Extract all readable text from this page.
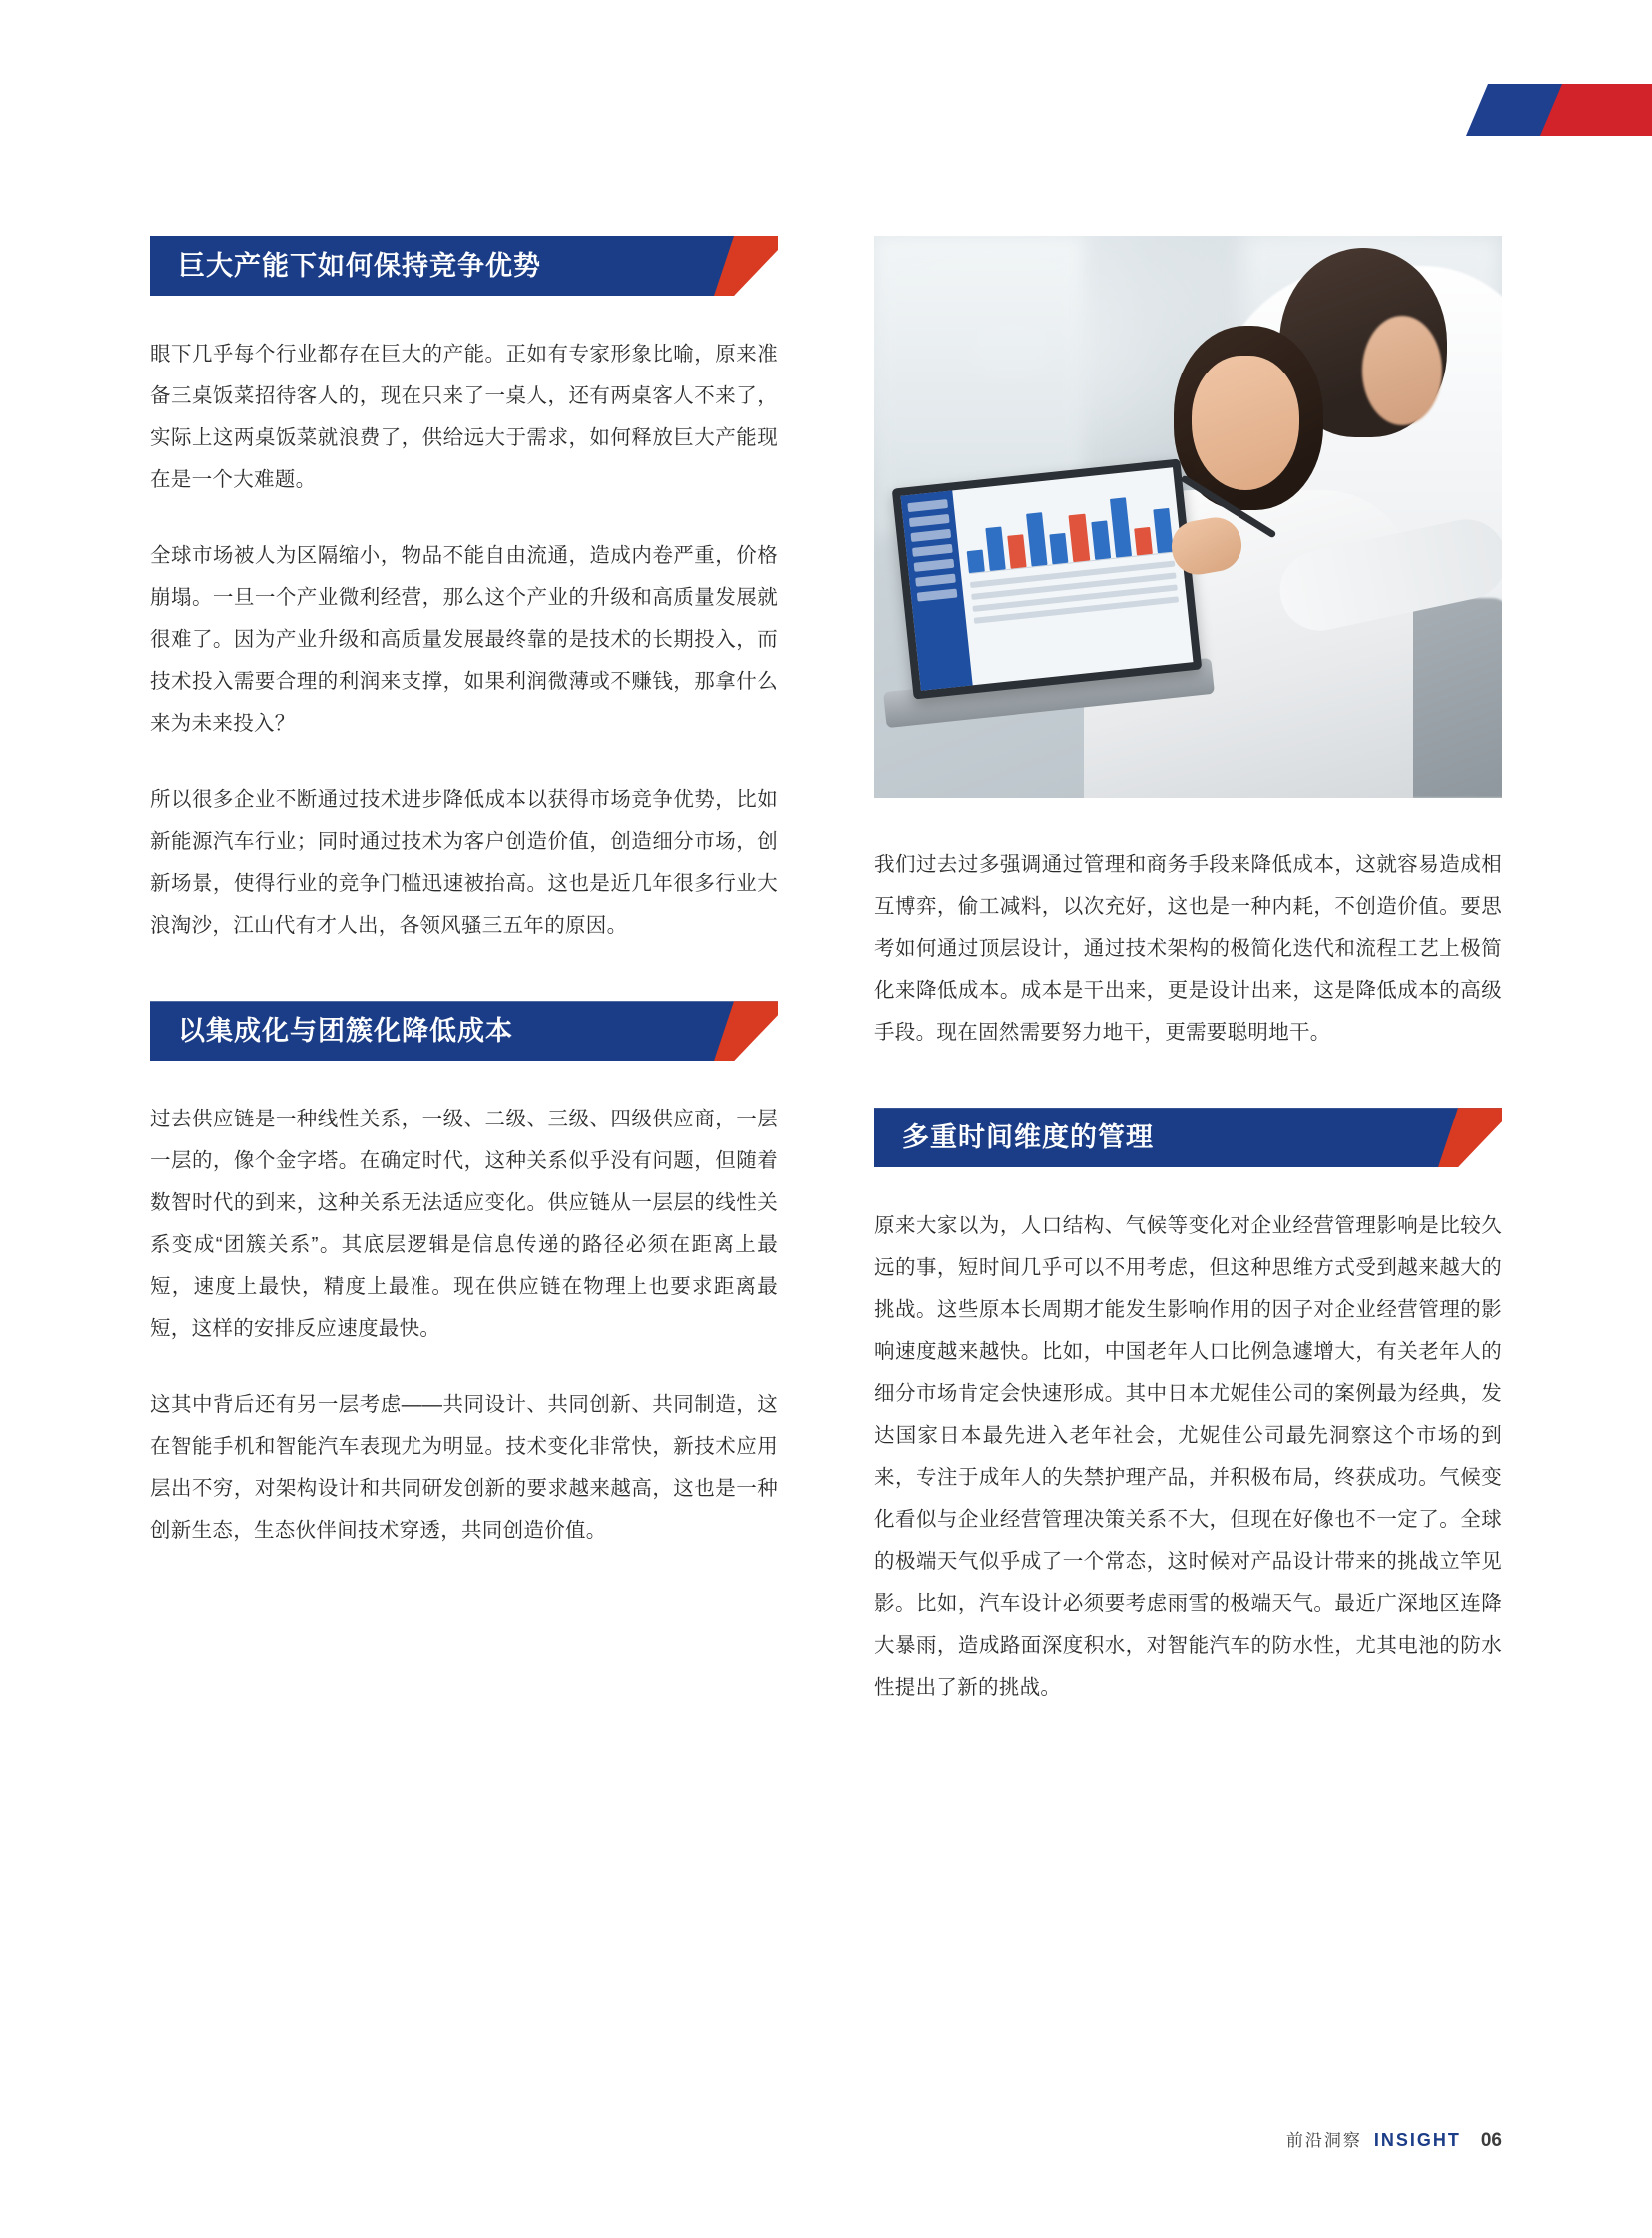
巨大产能下如何保持竞争优势

眼下几乎每个行业都存在巨大的产能。正如有专家形象比喻，原来准备三桌饭菜招待客人的，现在只来了一桌人，还有两桌客人不来了，实际上这两桌饭菜就浪费了，供给远大于需求，如何释放巨大产能现在是一个大难题。

全球市场被人为区隔缩小，物品不能自由流通，造成内卷严重，价格崩塌。一旦一个产业微利经营，那么这个产业的升级和高质量发展就很难了。因为产业升级和高质量发展最终靠的是技术的长期投入，而技术投入需要合理的利润来支撑，如果利润微薄或不赚钱，那拿什么来为未来投入？

所以很多企业不断通过技术进步降低成本以获得市场竞争优势，比如新能源汽车行业；同时通过技术为客户创造价值，创造细分市场，创新场景，使得行业的竞争门槛迅速被抬高。这也是近几年很多行业大浪淘沙，江山代有才人出，各领风骚三五年的原因。

以集成化与团簇化降低成本

过去供应链是一种线性关系，一级、二级、三级、四级供应商，一层一层的，像个金字塔。在确定时代，这种关系似乎没有问题，但随着数智时代的到来，这种关系无法适应变化。供应链从一层层的线性关系变成“团簇关系”。其底层逻辑是信息传递的路径必须在距离上最短，速度上最快，精度上最准。现在供应链在物理上也要求距离最短，这样的安排反应速度最快。

这其中背后还有另一层考虑——共同设计、共同创新、共同制造，这在智能手机和智能汽车表现尤为明显。技术变化非常快，新技术应用层出不穷，对架构设计和共同研发创新的要求越来越高，这也是一种创新生态，生态伙伴间技术穿透，共同创造价值。

我们过去过多强调通过管理和商务手段来降低成本，这就容易造成相互博弈，偷工减料，以次充好，这也是一种内耗，不创造价值。要思考如何通过顶层设计，通过技术架构的极简化迭代和流程工艺上极简化来降低成本。成本是干出来，更是设计出来，这是降低成本的高级手段。现在固然需要努力地干，更需要聪明地干。

多重时间维度的管理

原来大家以为，人口结构、气候等变化对企业经营管理影响是比较久远的事，短时间几乎可以不用考虑，但这种思维方式受到越来越大的挑战。这些原本长周期才能发生影响作用的因子对企业经营管理的影响速度越来越快。比如，中国老年人口比例急遽增大，有关老年人的细分市场肯定会快速形成。其中日本尤妮佳公司的案例最为经典，发达国家日本最先进入老年社会，尤妮佳公司最先洞察这个市场的到来，专注于成年人的失禁护理产品，并积极布局，终获成功。气候变化看似与企业经营管理决策关系不大，但现在好像也不一定了。全球的极端天气似乎成了一个常态，这时候对产品设计带来的挑战立竿见影。比如，汽车设计必须要考虑雨雪的极端天气。最近广深地区连降大暴雨，造成路面深度积水，对智能汽车的防水性，尤其电池的防水性提出了新的挑战。

前沿洞察 INSIGHT 06
